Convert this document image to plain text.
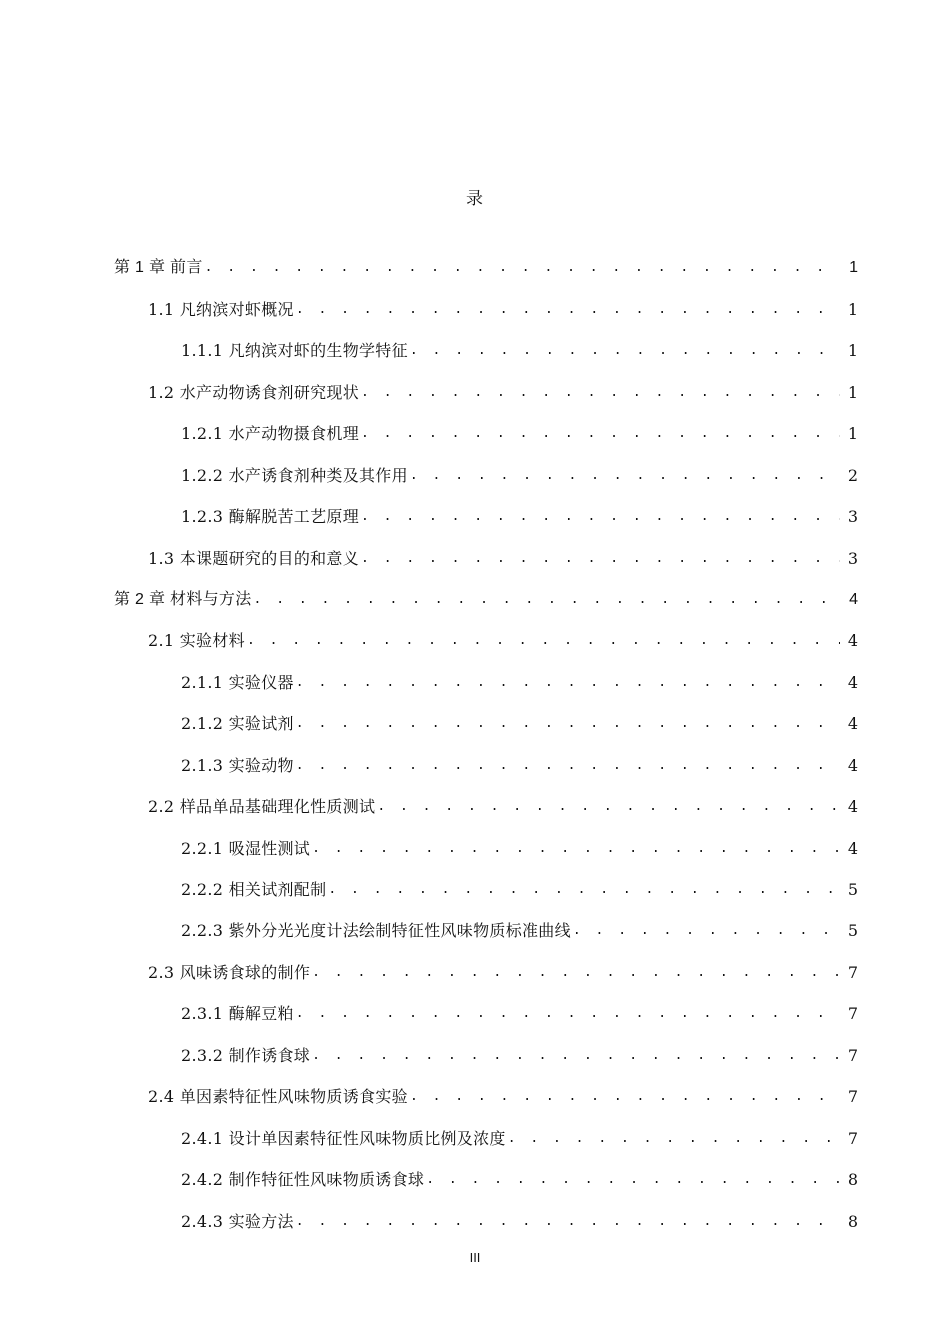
录
第 1 章 前言 . . .	1
1.1 凡纳滨对虾概况 . . .	1
1.1.1 凡纳滨对虾的生物学特征 . . .	1
1.2 水产动物诱食剂研究现状 . . .	1
1.2.1 水产动物摄食机理 . . .	1
1.2.2 水产诱食剂种类及其作用 . . .	2
1.2.3 酶解脱苦工艺原理 . . .	3
1.3 本课题研究的目的和意义 . . .	3
第 2 章 材料与方法 . . .	4
2.1 实验材料 . . .	4
2.1.1 实验仪器 . . .	4
2.1.2 实验试剂 . . .	4
2.1.3 实验动物 . . .	4
2.2 样品单品基础理化性质测试 . . .	4
2.2.1 吸湿性测试 . . .	4
2.2.2 相关试剂配制 . . .	5
2.2.3 紫外分光光度计法绘制特征性风味物质标准曲线 . . .	5
2.3 风味诱食球的制作 . . .	7
2.3.1 酶解豆粕 . . .	7
2.3.2 制作诱食球 . . .	7
2.4 单因素特征性风味物质诱食实验 . . .	7
2.4.1 设计单因素特征性风味物质比例及浓度 . . .	7
2.4.2 制作特征性风味物质诱食球 . . .	8
2.4.3 实验方法 . . .	8
III
